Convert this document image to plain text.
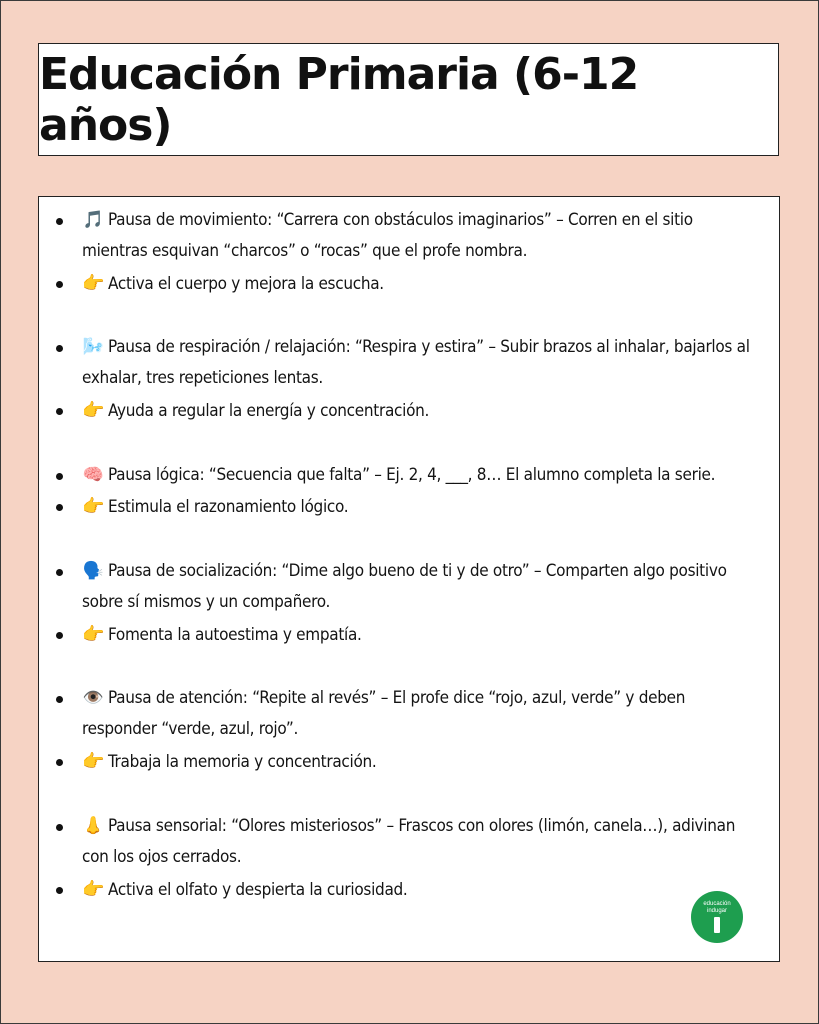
Educación Primaria (6-12 años)
🎵 Pausa de movimiento: “Carrera con obstáculos imaginarios” – Corren en el sitio mientras esquivan “charcos” o “rocas” que el profe nombra.
👉 Activa el cuerpo y mejora la escucha.
🌬️ Pausa de respiración / relajación: “Respira y estira” – Subir brazos al inhalar, bajarlos al exhalar, tres repeticiones lentas.
👉 Ayuda a regular la energía y concentración.
🧠 Pausa lógica: “Secuencia que falta” – Ej. 2, 4, ___, 8… El alumno completa la serie.
👉 Estimula el razonamiento lógico.
🗣️ Pausa de socialización: “Dime algo bueno de ti y de otro” – Comparten algo positivo sobre sí mismos y un compañero.
👉 Fomenta la autoestima y empatía.
👁️ Pausa de atención: “Repite al revés” – El profe dice “rojo, azul, verde” y deben responder “verde, azul, rojo”.
👉 Trabaja la memoria y concentración.
👃 Pausa sensorial: “Olores misteriosos” – Frascos con olores (limón, canela…), adivinan con los ojos cerrados.
👉 Activa el olfato y despierta la curiosidad.
educación
indugar
